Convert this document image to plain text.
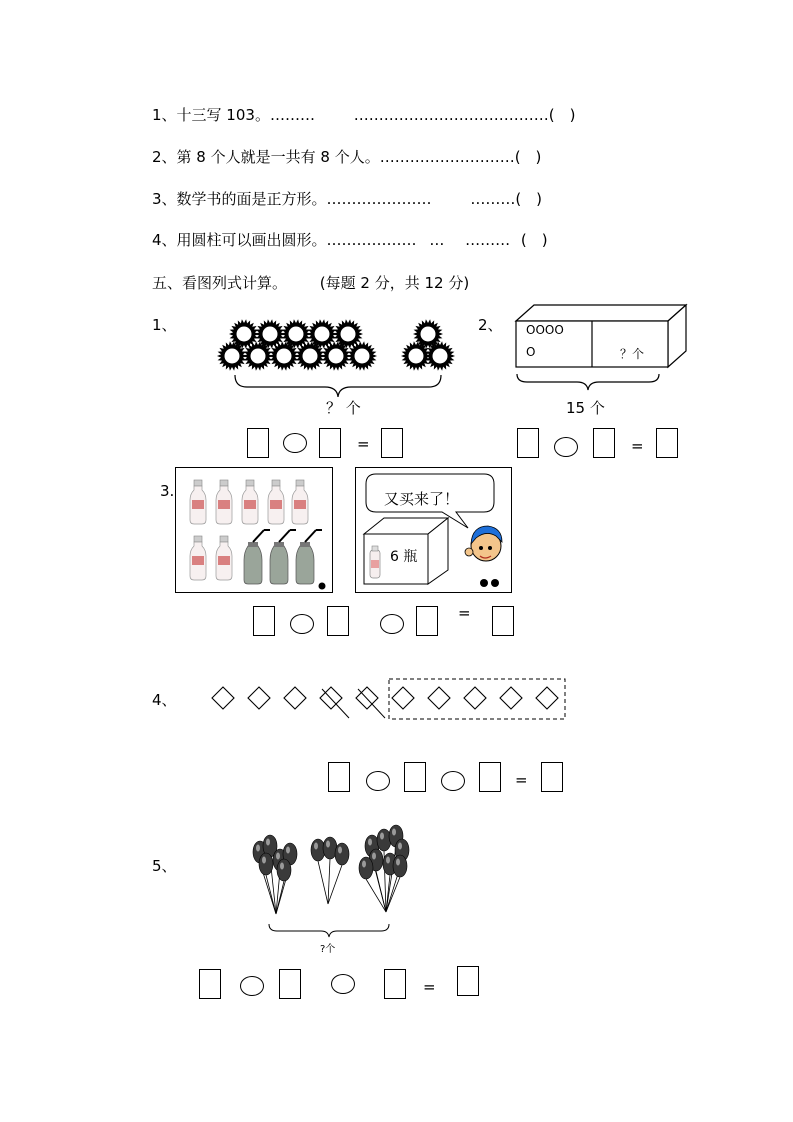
1、十三写 103。………	…………………………………(　)
2、第 8 个人就是一共有 8 个人。………………………(　)
3、数学书的面是正方形。…………………	………(　)
4、用圆柱可以画出圆形。……………… … ……… (　)
五、看图列式计算。 (每题 2 分，共 12 分)
1、
？ 个
=
2、 OOOO
O	？个
15 个
=
3.	又买来了！
6 瓶
=
4、
=
5、
?个
=
